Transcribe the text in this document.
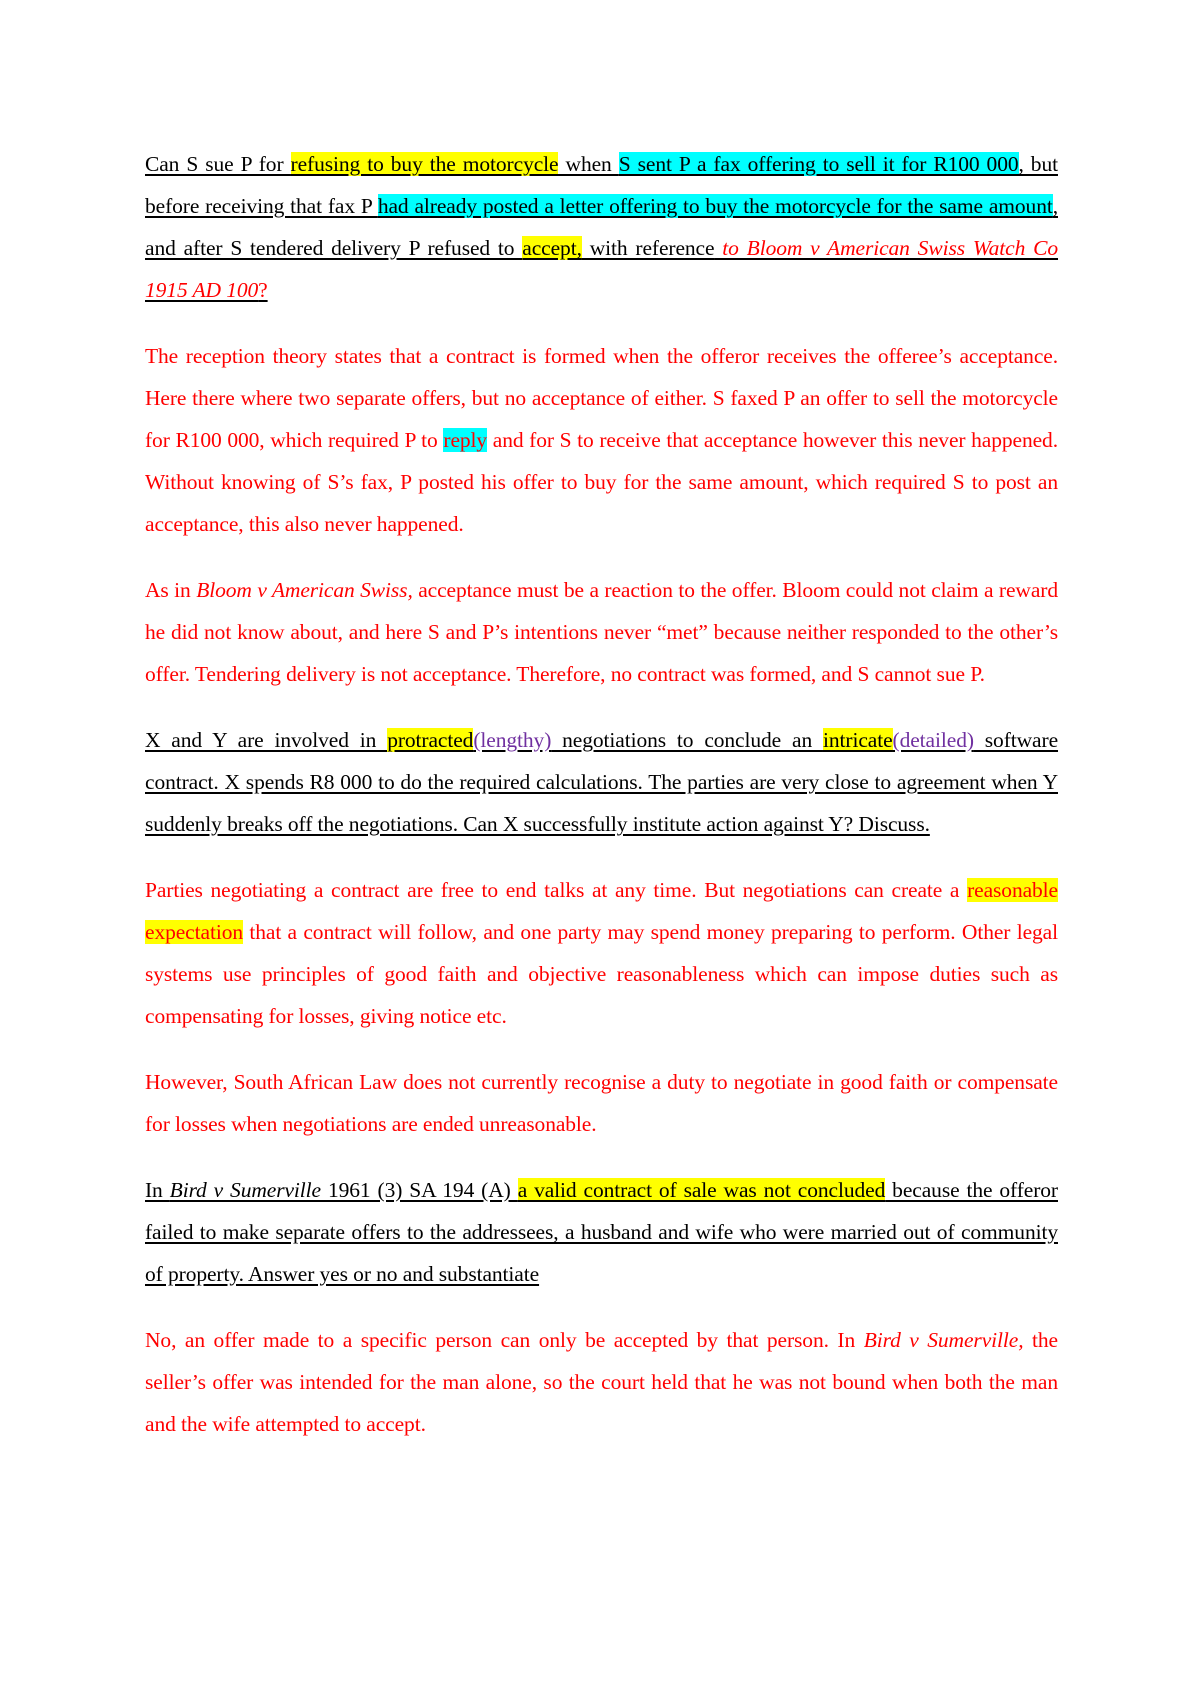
Can S sue P for refusing to buy the motorcycle when S sent P a fax offering to sell it for R100 000, but before receiving that fax P had already posted a letter offering to buy the motorcycle for the same amount, and after S tendered delivery P refused to accept, with reference to Bloom v American Swiss Watch Co 1915 AD 100?

The reception theory states that a contract is formed when the offeror receives the offeree’s acceptance. Here there where two separate offers, but no acceptance of either. S faxed P an offer to sell the motorcycle for R100 000, which required P to reply and for S to receive that acceptance however this never happened. Without knowing of S’s fax, P posted his offer to buy for the same amount, which required S to post an acceptance, this also never happened.

As in Bloom v American Swiss, acceptance must be a reaction to the offer. Bloom could not claim a reward he did not know about, and here S and P’s intentions never “met” because neither responded to the other’s offer. Tendering delivery is not acceptance. Therefore, no contract was formed, and S cannot sue P.

X and Y are involved in protracted(lengthy) negotiations to conclude an intricate(detailed) software contract. X spends R8 000 to do the required calculations. The parties are very close to agreement when Y suddenly breaks off the negotiations. Can X successfully institute action against Y? Discuss.

Parties negotiating a contract are free to end talks at any time. But negotiations can create a reasonable expectation that a contract will follow, and one party may spend money preparing to perform. Other legal systems use principles of good faith and objective reasonableness which can impose duties such as compensating for losses, giving notice etc.

However, South African Law does not currently recognise a duty to negotiate in good faith or compensate for losses when negotiations are ended unreasonable.

In Bird v Sumerville 1961 (3) SA 194 (A) a valid contract of sale was not concluded because the offeror failed to make separate offers to the addressees, a husband and wife who were married out of community of property. Answer yes or no and substantiate

No, an offer made to a specific person can only be accepted by that person. In Bird v Sumerville, the seller’s offer was intended for the man alone, so the court held that he was not bound when both the man and the wife attempted to accept.
